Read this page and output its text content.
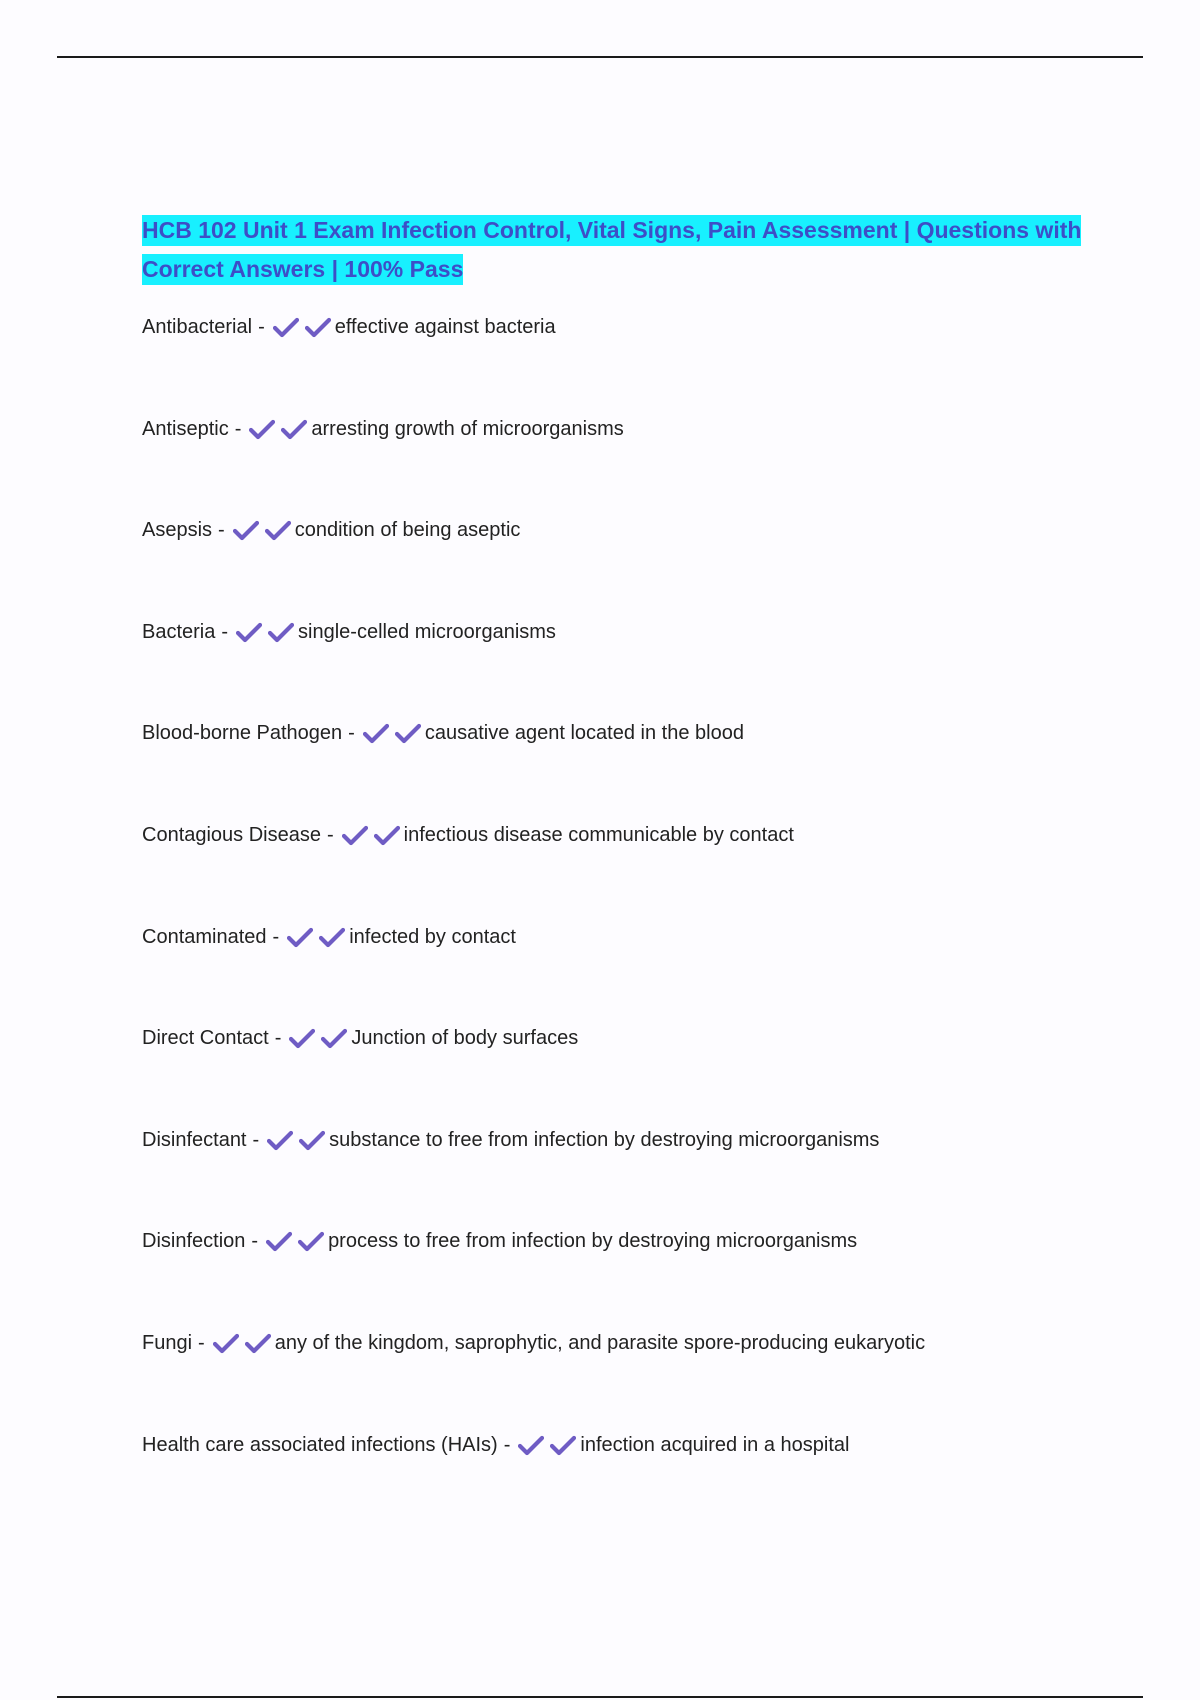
HCB 102 Unit 1 Exam Infection Control, Vital Signs, Pain Assessment | Questions with Correct Answers | 100% Pass
Antibacterial -	effective against bacteria
Antiseptic -	arresting growth of microorganisms
Asepsis -	condition of being aseptic
Bacteria -	single-celled microorganisms
Blood-borne Pathogen -	causative agent located in the blood
Contagious Disease -	infectious disease communicable by contact
Contaminated -	infected by contact
Direct Contact -	Junction of body surfaces
Disinfectant -	substance to free from infection by destroying microorganisms
Disinfection -	process to free from infection by destroying microorganisms
Fungi -	any of the kingdom, saprophytic, and parasite spore-producing eukaryotic
Health care associated infections (HAIs) -	infection acquired in a hospital
